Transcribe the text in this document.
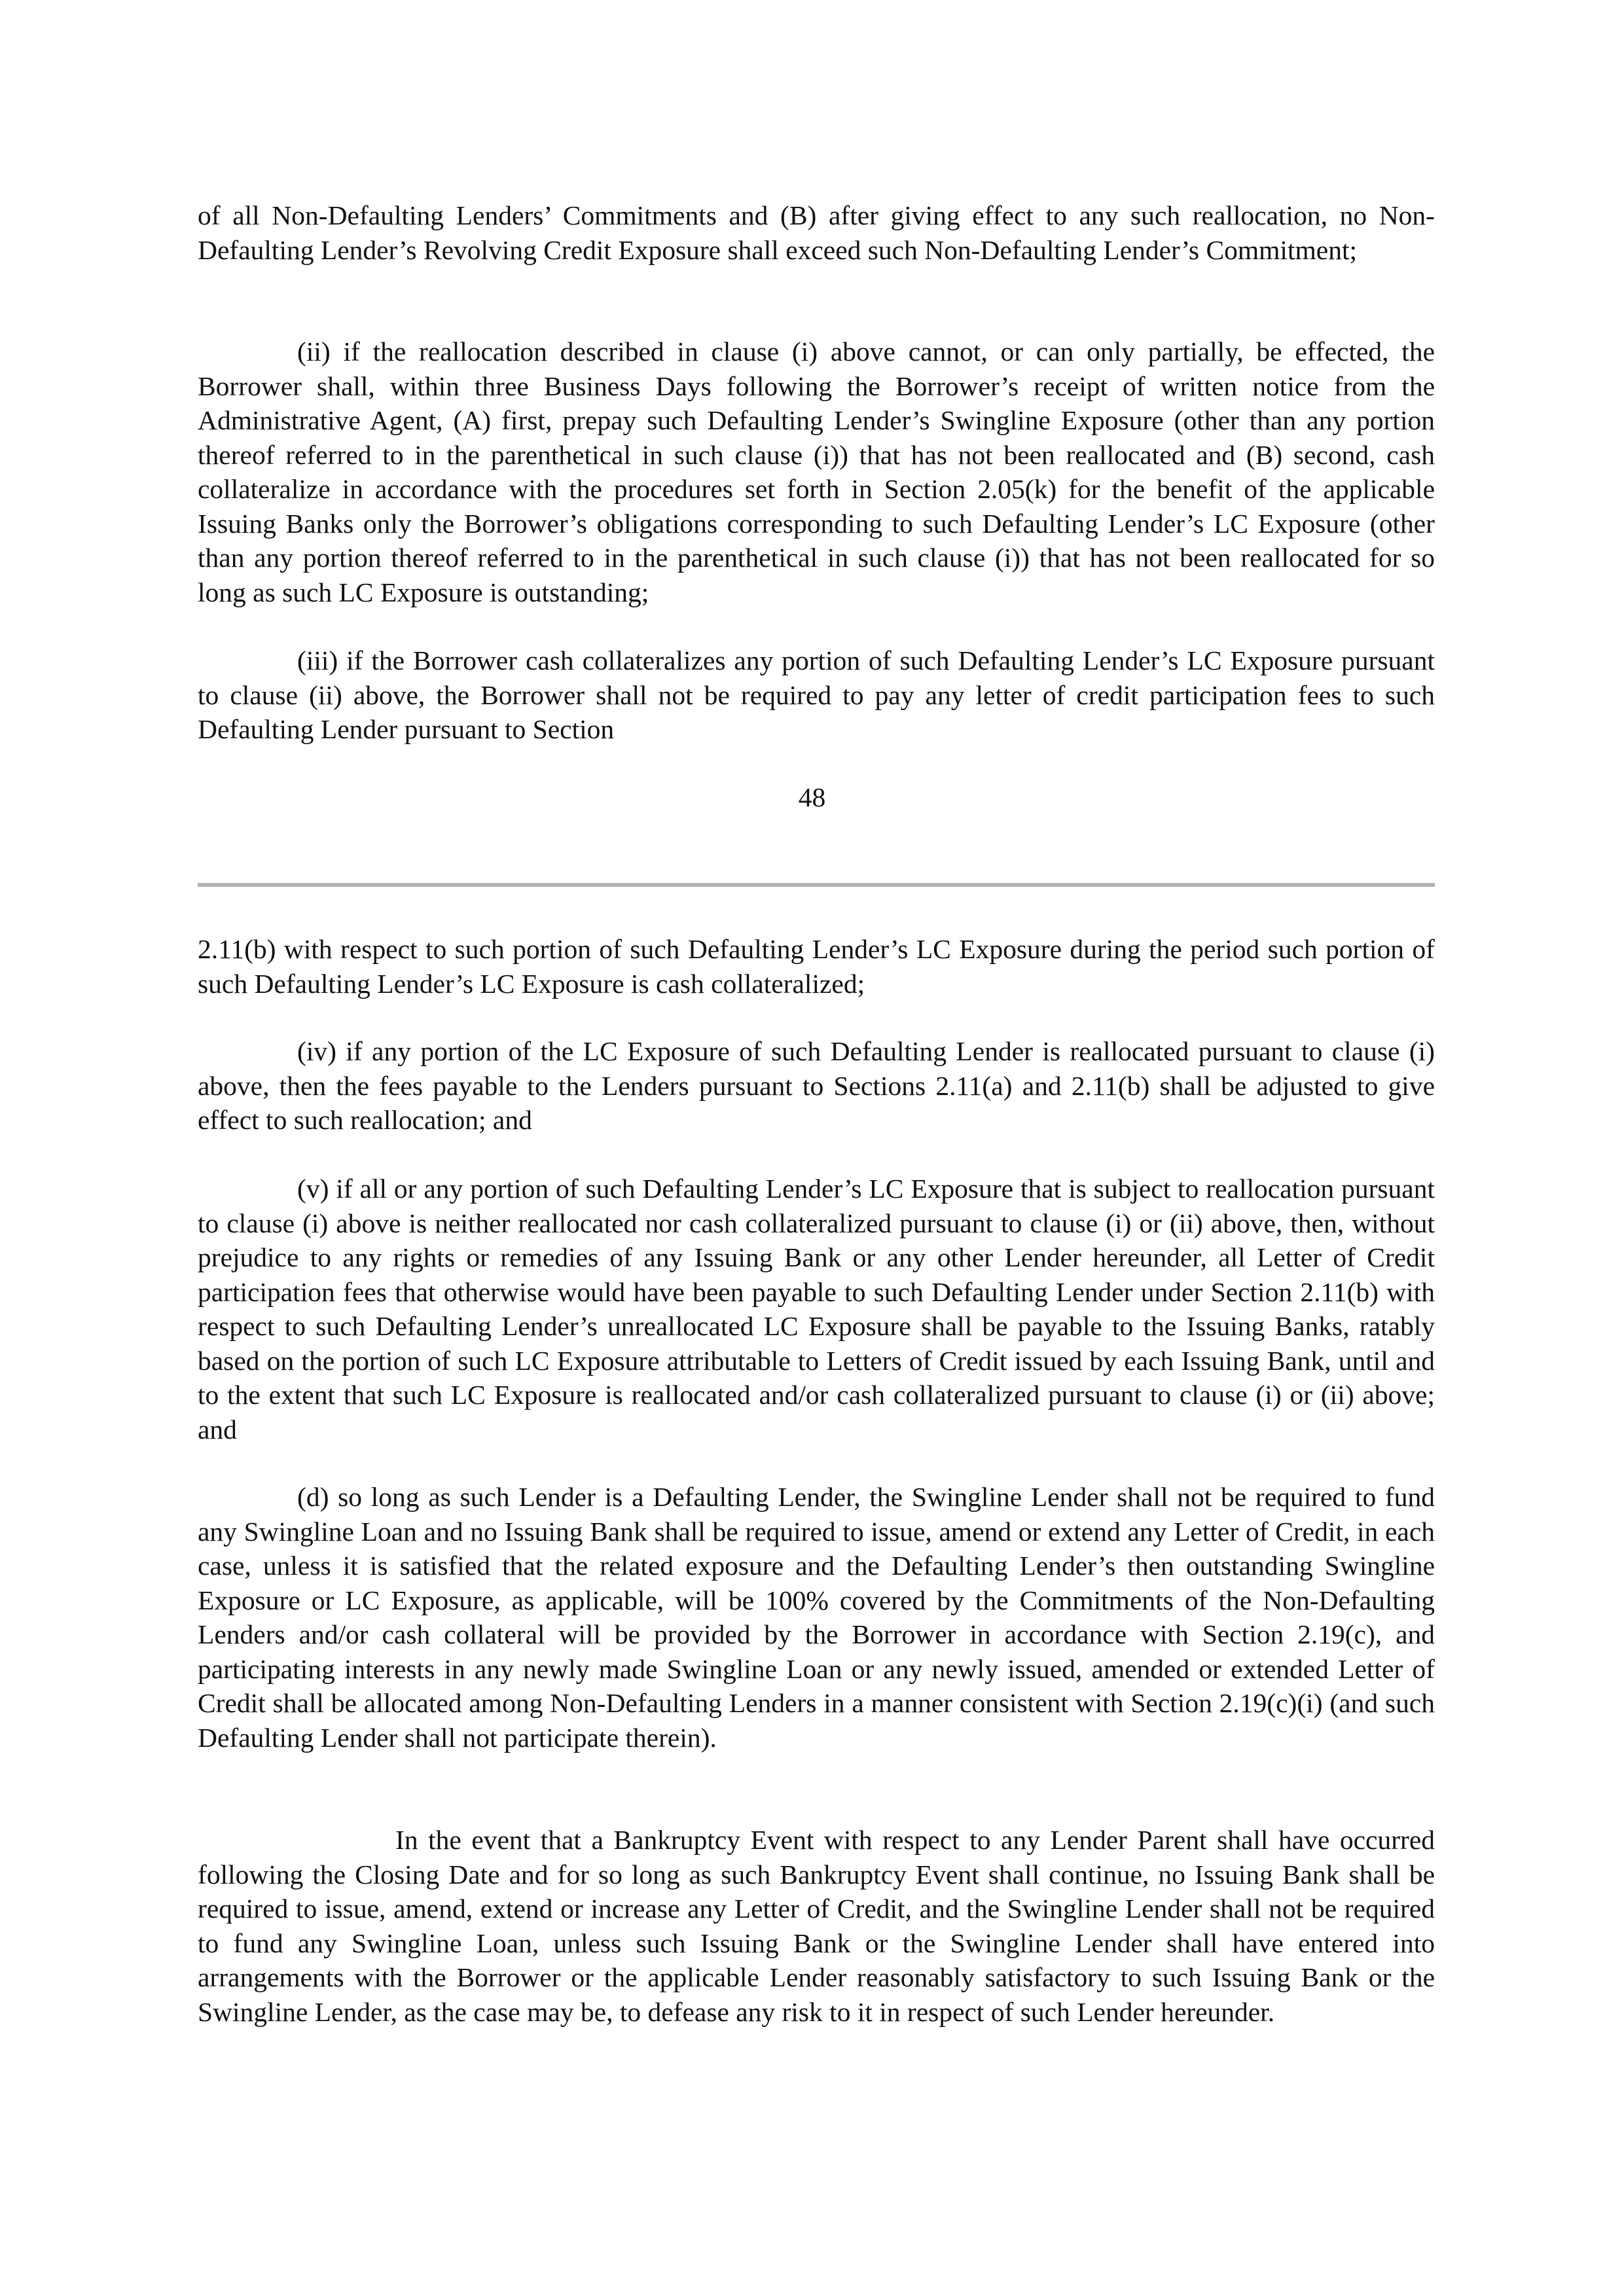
of all Non-Defaulting Lenders’ Commitments and (B) after giving effect to any such reallocation, no Non-Defaulting Lender’s Revolving Credit Exposure shall exceed such Non-Defaulting Lender’s Commitment;

(ii) if the reallocation described in clause (i) above cannot, or can only partially, be effected, the Borrower shall, within three Business Days following the Borrower’s receipt of written notice from the Administrative Agent, (A) first, prepay such Defaulting Lender’s Swingline Exposure (other than any portion thereof referred to in the parenthetical in such clause (i)) that has not been reallocated and (B) second, cash collateralize in accordance with the procedures set forth in Section 2.05(k) for the benefit of the applicable Issuing Banks only the Borrower’s obligations corresponding to such Defaulting Lender’s LC Exposure (other than any portion thereof referred to in the parenthetical in such clause (i)) that has not been reallocated for so long as such LC Exposure is outstanding;

(iii) if the Borrower cash collateralizes any portion of such Defaulting Lender’s LC Exposure pursuant to clause (ii) above, the Borrower shall not be required to pay any letter of credit participation fees to such Defaulting Lender pursuant to Section

48

2.11(b) with respect to such portion of such Defaulting Lender’s LC Exposure during the period such portion of such Defaulting Lender’s LC Exposure is cash collateralized;

(iv) if any portion of the LC Exposure of such Defaulting Lender is reallocated pursuant to clause (i) above, then the fees payable to the Lenders pursuant to Sections 2.11(a) and 2.11(b) shall be adjusted to give effect to such reallocation; and

(v) if all or any portion of such Defaulting Lender’s LC Exposure that is subject to reallocation pursuant to clause (i) above is neither reallocated nor cash collateralized pursuant to clause (i) or (ii) above, then, without prejudice to any rights or remedies of any Issuing Bank or any other Lender hereunder, all Letter of Credit participation fees that otherwise would have been payable to such Defaulting Lender under Section 2.11(b) with respect to such Defaulting Lender’s unreallocated LC Exposure shall be payable to the Issuing Banks, ratably based on the portion of such LC Exposure attributable to Letters of Credit issued by each Issuing Bank, until and to the extent that such LC Exposure is reallocated and/or cash collateralized pursuant to clause (i) or (ii) above; and

(d) so long as such Lender is a Defaulting Lender, the Swingline Lender shall not be required to fund any Swingline Loan and no Issuing Bank shall be required to issue, amend or extend any Letter of Credit, in each case, unless it is satisfied that the related exposure and the Defaulting Lender’s then outstanding Swingline Exposure or LC Exposure, as applicable, will be 100% covered by the Commitments of the Non-Defaulting Lenders and/or cash collateral will be provided by the Borrower in accordance with Section 2.19(c), and participating interests in any newly made Swingline Loan or any newly issued, amended or extended Letter of Credit shall be allocated among Non-Defaulting Lenders in a manner consistent with Section 2.19(c)(i) (and such Defaulting Lender shall not participate therein).

In the event that a Bankruptcy Event with respect to any Lender Parent shall have occurred following the Closing Date and for so long as such Bankruptcy Event shall continue, no Issuing Bank shall be required to issue, amend, extend or increase any Letter of Credit, and the Swingline Lender shall not be required to fund any Swingline Loan, unless such Issuing Bank or the Swingline Lender shall have entered into arrangements with the Borrower or the applicable Lender reasonably satisfactory to such Issuing Bank or the Swingline Lender, as the case may be, to defease any risk to it in respect of such Lender hereunder.
